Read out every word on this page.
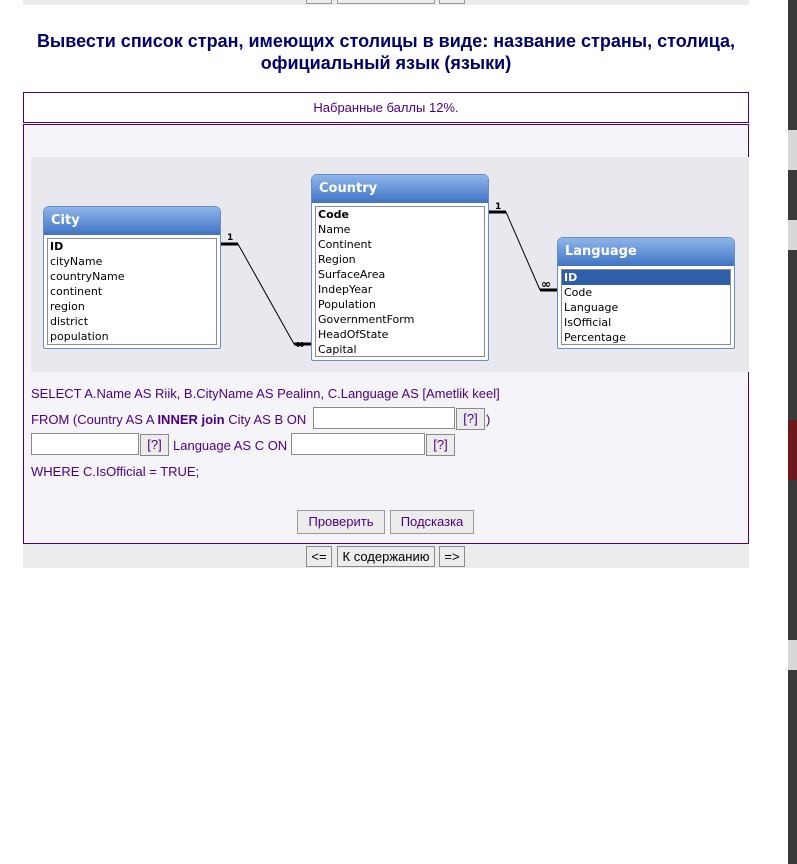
Вывести список стран, имеющих столицы в виде: название страны, столица, официальный язык (языки)
Набранные баллы 12%.
1
∞
1
∞
City
ID
cityName
countryName
continent
region
district
population
Country
Code
Name
Continent
Region
SurfaceArea
IndepYear
Population
GovernmentForm
HeadOfState
Capital
Language
ID
Code
Language
IsOfficial
Percentage
SELECT A.Name AS Riik, B.CityName AS Pealinn, C.Language AS [Ametlik keel]
FROM (Country AS A INNER join City AS B ON	[?] )
[?] Language AS C ON	[?]
WHERE C.IsOfficial = TRUE;
Проверить	Подсказка
<=	К содержанию	=>
